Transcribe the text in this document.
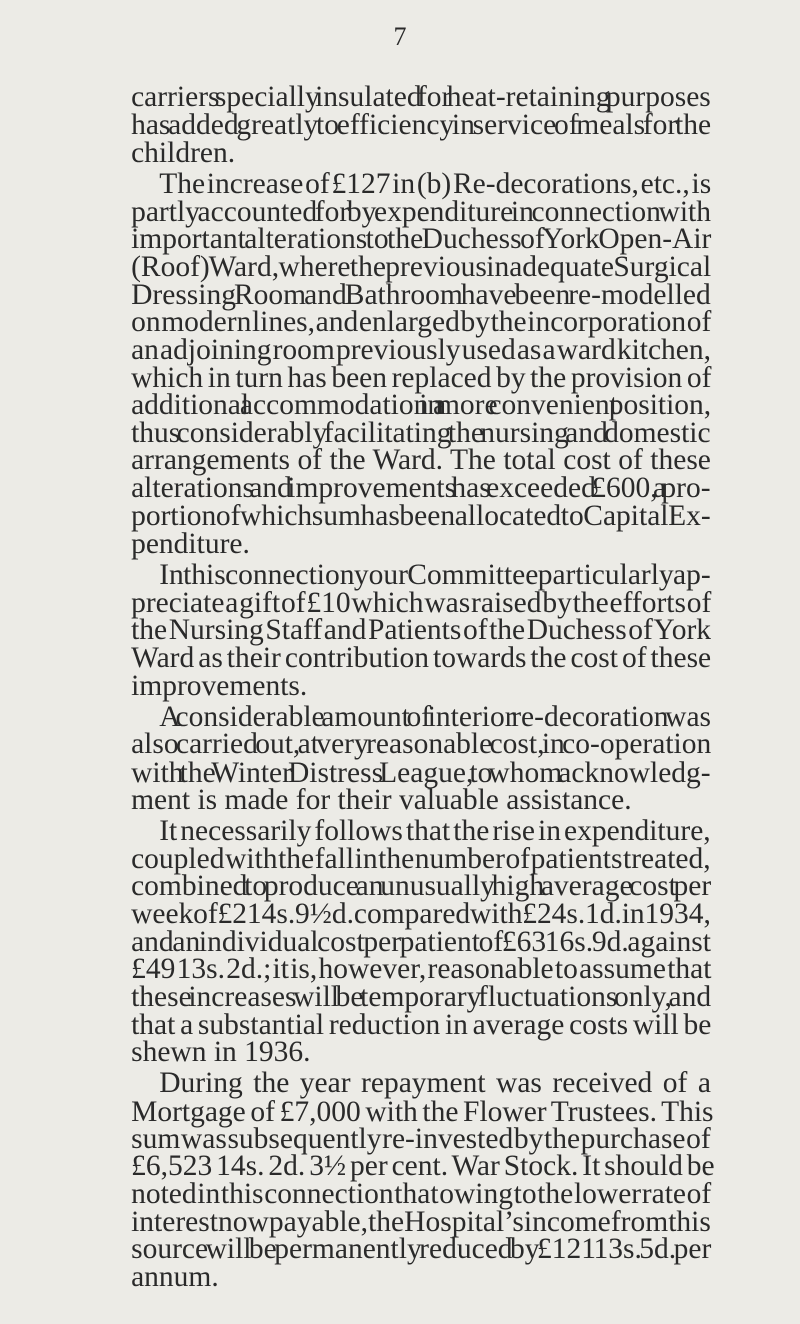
7
carriers specially insulated for heat-retaining purposes
has added greatly to efficiency in service of meals for the
children.
The increase of £127 in (b) Re-decorations, etc., is
partly accounted for by expenditure in connection with
important alterations to the Duchess of York Open-Air
(Roof) Ward, where the previous inadequate Surgical
Dressing Room and Bathroom have been re-modelled
on modern lines, and enlarged by the incorporation of
an adjoining room previously used as a ward kitchen,
which in turn has been replaced by the provision of
additional accommodation in a more convenient position,
thus considerably facilitating the nursing and domestic
arrangements of the Ward. The total cost of these
alterations and improvements has exceeded £600, a pro-
portion of which sum has been allocated to Capital Ex-
penditure.
In this connection your Committee particularly ap-
preciate a gift of £10 which was raised by the efforts of
the Nursing Staff and Patients of the Duchess of York
Ward as their contribution towards the cost of these
improvements.
A considerable amount of interior re-decoration was
also carried out, at very reasonable cost, in co-operation
with the Winter Distress League, to whom acknowledg-
ment is made for their valuable assistance.
It necessarily follows that the rise in expenditure,
coupled with the fall in the number of patients treated,
combined to produce an unusually high average cost per
week of £2 14s. 9½d. compared with £2 4s. 1d. in 1934,
and an individual cost per patient of £63 16s. 9d. against
£49 13s. 2d.; it is, however, reasonable to assume that
these increases will be temporary fluctuations only, and
that a substantial reduction in average costs will be
shewn in 1936.
During the year repayment was received of a
Mortgage of £7,000 with the Flower Trustees. This
sum was subsequently re-invested by the purchase of
£6,523 14s. 2d. 3½ per cent. War Stock. It should be
noted in this connection that owing to the lower rate of
interest now payable, the Hospital’s income from this
source will be permanently reduced by £121 13s. 5d. per
annum.
